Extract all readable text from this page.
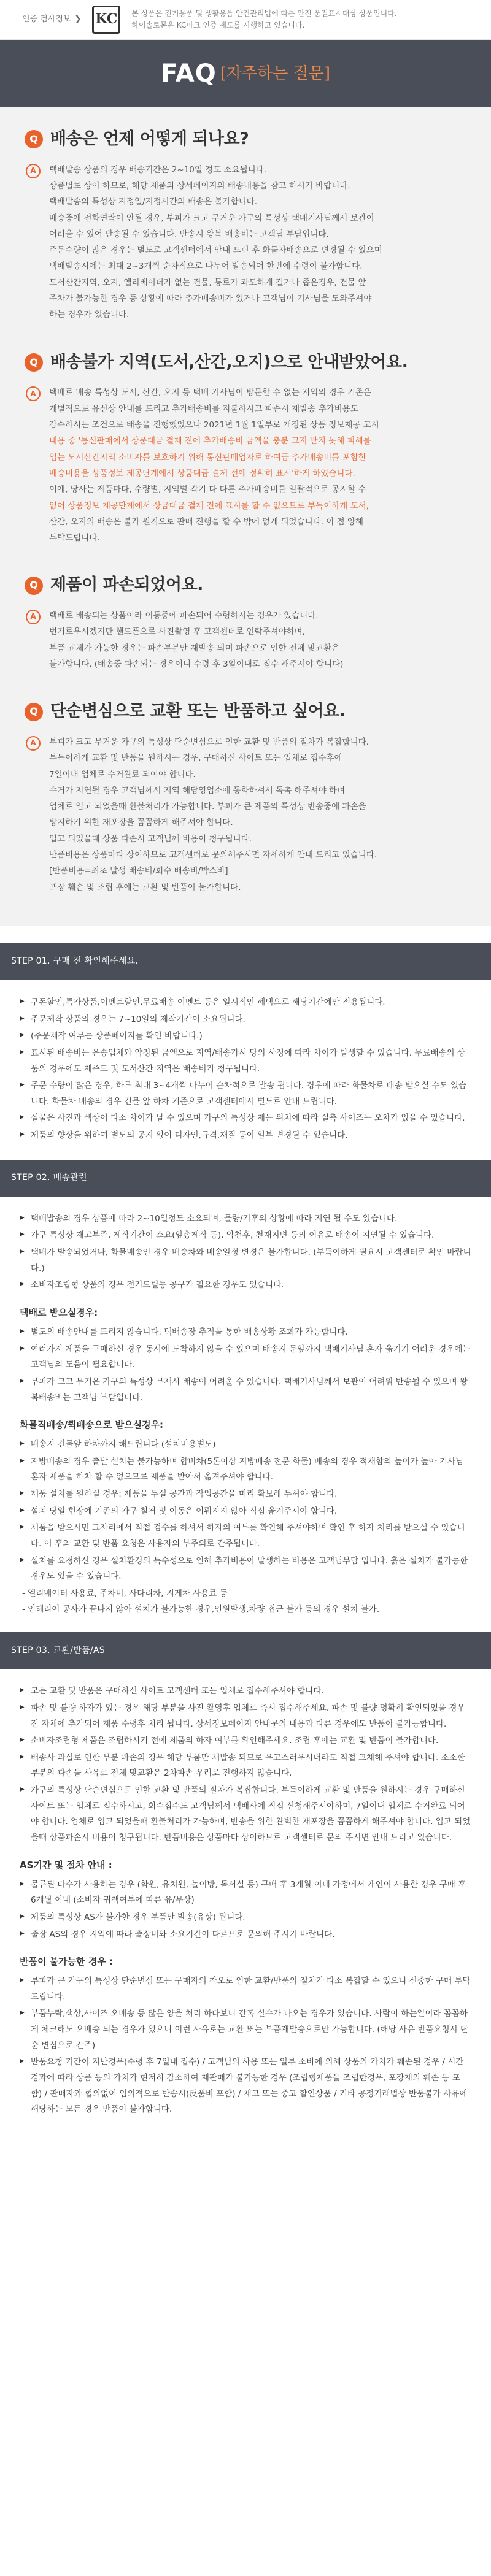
인증 검사정보 ❯ KC	본 상품은 전기용품 및 생활용품 안전관리법에 따른 안전 품질표시대상 상품입니다.
하이솔로몬은 KC마크 인증 제도를 시행하고 있습니다.
FAQ [자주하는 질문]
Q 배송은 언제 어떻게 되나요?
A	택배발송 상품의 경우 배송기간은 2~10일 정도 소요됩니다.

상품별로 상이 하므로, 해당 제품의 상세페이지의 배송내용을 참고 하시기 바랍니다.

택배발송의 특성상 지정일/지정시간의 배송은 불가합니다.

배송중에 전화연락이 안될 경우, 부피가 크고 무거운 가구의 특성상 택배기사님께서 보관이

어려울 수 있어 반송될 수 있습니다. 반송시 왕복 배송비는 고객님 부담입니다.

주문수량이 많은 경우는 별도로 고객센터에서 안내 드린 후 화물차배송으로 변경될 수 있으며

택배발송시에는 최대 2~3개씩 순차적으로 나누어 발송되어 한번에 수령이 불가합니다.

도서산간지역, 오지, 엘리베이터가 없는 건물, 통로가 과도하게 길거나 좁은경우, 건물 앞

주차가 불가능한 경우 등 상황에 따라 추가배송비가 있거나 고객님이 기사님을 도와주셔야

하는 경우가 있습니다.

Q 배송불가 지역(도서,산간,오지)으로 안내받았어요.
A	택배로 배송 특성상 도서, 산간, 오지 등 택배 기사님이 방문할 수 없는 지역의 경우 기존은

개별적으로 유선상 안내를 드리고 추가배송비를 지불하시고 파손시 재발송 추가비용도

감수하시는 조건으로 배송을 진행했었으나 2021년 1월 1일부로 개정된 상품 정보제공 고시

내용 중 '통신판매에서 상품대금 결제 전에 추가배송비 금액을 충분 고지 받지 못해 피해를

입는 도서산간지역 소비자를 보호하기 위해 통신판매업자로 하여금 추가배송비를 포함한

배송비용을 상품정보 제공단계에서 상품대금 결제 전에 정확히 표시'하게 하였습니다.

이에, 당사는 제품마다, 수량별, 지역별 각기 다 다른 추가배송비를 일괄적으로 공지할 수

없어 상품정보 제공단계에서 상금대금 결제 전에 표시를 할 수 없으므로 부득이하게 도서,

산간, 오지의 배송은 불가 원칙으로 판매 진행을 할 수 밖에 없게 되었습니다. 이 점 양해

부탁드립니다.

Q 제품이 파손되었어요.
A	택배로 배송되는 상품이라 이동중에 파손되어 수령하시는 경우가 있습니다.

번거로우시겠지만 핸드폰으로 사진촬영 후 고객센터로 연락주셔야하며,

부품 교체가 가능한 경우는 파손부분만 재발송 되며 파손으로 인한 전체 맞교환은

불가합니다. (배송중 파손되는 경우이니 수령 후 3일이내로 접수 해주셔야 합니다)

Q 단순변심으로 교환 또는 반품하고 싶어요.
A	부피가 크고 무거운 가구의 특성상 단순변심으로 인한 교환 및 반품의 절차가 복잡합니다.

부득이하게 교환 및 반품을 원하시는 경우, 구매하신 사이트 또는 업체로 접수후에

7일이내 업체로 수거완료 되어야 합니다.

수거가 지연될 경우 고객님께서 지역 해당영업소에 동화하셔서 독촉 해주셔야 하며

업체로 입고 되었을때 환불처리가 가능합니다. 부피가 큰 제품의 특성상 반송중에 파손을

방지하기 위한 재포장을 꼼꼼하게 해주셔야 합니다.

입고 되었을때 상품 파손시 고객님께 비용이 청구됩니다.

반품비용은 상품마다 상이하므로 고객센터로 문의해주시면 자세하게 안내 드리고 있습니다.

[반품비용=최초 발생 배송비/회수 배송비/박스비]

포장 훼손 및 조립 후에는 교환 및 반품이 불가합니다.

STEP 01. 구매 전 확인해주세요.
▶ 쿠폰할인,특가상품,이벤트할인,무료배송 이벤트 등은 일시적인 혜택으로 해당기간에만 적용됩니다.
▶ 주문제작 상품의 경우는 7~10일의 제작기간이 소요됩니다.
▶ (주문제작 여부는 상품페이지를 확인 바랍니다.)
▶ 표시된 배송비는 은송업체와 약정된 금액으로 지역/배송가시 당의 사정에 따라 차이가 발생할 수 있습니다. 무료배송의 상품의 경우에도 제주도 및 도서산간 지역은 배송비가 청구됩니다.
▶ 주문 수량이 많은 경우, 하루 최대 3~4개씩 나누어 순차적으로 발송 됩니다. 경우에 따라 화물차로 배송 받으실 수도 있습니다. 화물차 배송의 경우 건물 앞 하차 기준으로 고객센터에서 별도로 안내 드립니다.
▶ 실물은 사진과 색상이 다소 차이가 날 수 있으며 가구의 특성상 재는 위치에 따라 실측 사이즈는 오차가 있을 수 있습니다.
▶ 제품의 향상을 위하여 별도의 공지 없이 디자인,규격,재질 등이 일부 변경될 수 있습니다.
STEP 02. 배송관련
▶ 택배발송의 경우 상품에 따라 2~10일정도 소요되며, 물량/기후의 상황에 따라 지연 될 수도 있습니다.
▶ 가구 특성상 재고부족, 제작기간이 소요(앞총제작 등), 악천후, 천재지변 등의 이유로 배송이 지연될 수 있습니다.
▶ 택배가 발송되었거나, 화물배송인 경우 배송차와 배송일정 변경은 불가합니다. (부득이하게 필요시 고객센터로 확인 바랍니다.)
▶ 소비자조립형 상품의 경우 전기드릴등 공구가 필요한 경우도 있습니다.
택배로 받으실경우:
▶ 별도의 배송안내를 드리지 않습니다. 택배송장 추적을 통한 배송상황 조회가 가능합니다.
▶ 여러가지 제품을 구매하신 경우 동시에 도착하지 않을 수 있으며 배송지 문앞까지 택배기사님 혼자 옮기기 어려운 경우에는 고객님의 도움이 필요합니다.
▶ 부피가 크고 무거운 가구의 특성상 부재시 배송이 어려울 수 있습니다. 택배기사님께서 보관이 어려워 반송될 수 있으며 왕복배송비는 고객님 부담입니다.
화물직배송/퀵배송으로 받으실경우:
▶ 배송지 건물앞 하차까지 해드립니다 (설치비용별도)
▶ 지방배송의 경우 출발 설치는 불가능하며 합비차(5톤이상 지방배송 전문 화물) 배송의 경우 적재함의 높이가 높아 기사님 혼자 제품을 하차 할 수 없으므로 제품을 받아서 옮겨주셔야 합니다.
▶ 제품 설치를 원하실 경우: 제품을 두실 공간과 작업공간을 미리 확보해 두셔야 합니다.
▶ 설치 당일 현장에 기존의 가구 철거 및 이동은 이뤄지지 않아 직접 옮겨주셔야 합니다.
▶ 제품을 받으시면 그자리에서 직접 검수를 하셔서 하자의 여부를 확인해 주셔야하며 확인 후 하자 처리를 받으실 수 있습니다. 이 후의 교환 및 반품 요청은 사용자의 부주의로 간주됩니다.
▶ 설치를 요청하신 경우 설치환경의 특수성으로 인해 추가비용이 발생하는 비용은 고객님부담 입니다. 흙은 설치가 불가능한 경우도 있을 수 있습니다.
- 엘리베이터 사용료, 주차비, 사다리차, 지게차 사용료 등
- 인테리어 공사가 끝나지 않아 설치가 불가능한 경우,인원발생,차량 접근 불가 등의 경우 설치 불가.
STEP 03. 교환/반품/AS
▶ 모든 교환 및 반품은 구매하신 사이트 고객센터 또는 업체로 접수해주셔야 합니다.
▶ 파손 및 불량 하자가 있는 경우 해당 부분을 사진 촬영후 업체로 즉시 접수해주세요. 파손 및 불량 명확히 확인되었을 경우 전 자체에 추가되어 제품 수령후 처리 됩니다. 상세정보페이지 안내문의 내용과 다른 경우에도 반품이 불가능합니다.
▶ 소비자조립형 제품은 조립하시기 전에 제품의 하자 여부를 확인해주세요. 조립 후에는 교환 및 반품이 불가합니다.
▶ 배송사 과실로 인한 부분 파손의 경우 해당 부품만 재발송 되므로 우고스러우시더라도 직접 교체해 주셔야 합니다. 소소한 부분의 파손을 사유로 전체 맞교환은 2차파손 우려로 진행하지 않습니다.
▶ 가구의 특성상 단순변심으로 인한 교환 및 반품의 절차가 복잡합니다. 부득이하게 교환 및 반품을 원하시는 경우 구매하신 사이트 또는 업체로 접수하시고, 회수접수도 고객님께서 택배사에 직접 신청해주셔야하며, 7일이내 업체로 수거완료 되어야 합니다. 업체로 입고 되었을때 환불처리가 가능하며, 반송을 위한 완벽한 재포장을 꼼꼼하게 해주셔야 합니다. 입고 되었을때 상품파손시 비용이 청구됩니다. 반품비용은 상품마다 상이하므로 고객센터로 문의 주시면 안내 드리고 있습니다.
AS기간 및 절차 안내 :
▶ 물류된 다수가 사용하는 경우 (학원, 유치원, 놀이방, 독서실 등) 구매 후 3개월 이내 가정에서 개인이 사용한 경우 구매 후 6개월 이내 (소비자 귀책여부에 따른 유/무상)
▶ 제품의 특성상 AS가 불가한 경우 부품만 발송(유상) 됩니다.
▶ 출장 AS의 경우 지역에 따라 출장비와 소요기간이 다르므로 문의해 주시기 바랍니다.
반품이 불가능한 경우 :
▶ 부피가 큰 가구의 특성상 단순변심 또는 구매자의 착오로 인한 교환/반품의 절차가 다소 복잡할 수 있으니 신중한 구매 부탁드립니다.
▶ 부품누락,색상,사이즈 오배송 등 많은 양을 처리 하다보니 간혹 실수가 나오는 경우가 있습니다. 사람이 하는일이라 꼼꼼하게 체크해도 오배송 되는 경우가 있으니 이런 사유로는 교환 또는 부품재발송으로만 가능합니다. (해당 사유 반품요청시 단순 변심으로 간주)
▶ 반품요청 기간이 지난경우(수령 후 7일내 접수) / 고객님의 사용 또는 일부 소비에 의해 상품의 가치가 훼손된 경우 / 시간 경과에 따라 상품 등의 가치가 현저히 감소하여 재판매가 불가능한 경우 (조립형제품을 조립한경우, 포장재의 훼손 등 포함) / 판매자와 협의없이 임의적으로 반송시(反품비 포함) / 재고 또는 중고 할인상품 / 기타 공정거래법상 반품불가 사유에 해당하는 모든 경우 반품이 불가합니다.
